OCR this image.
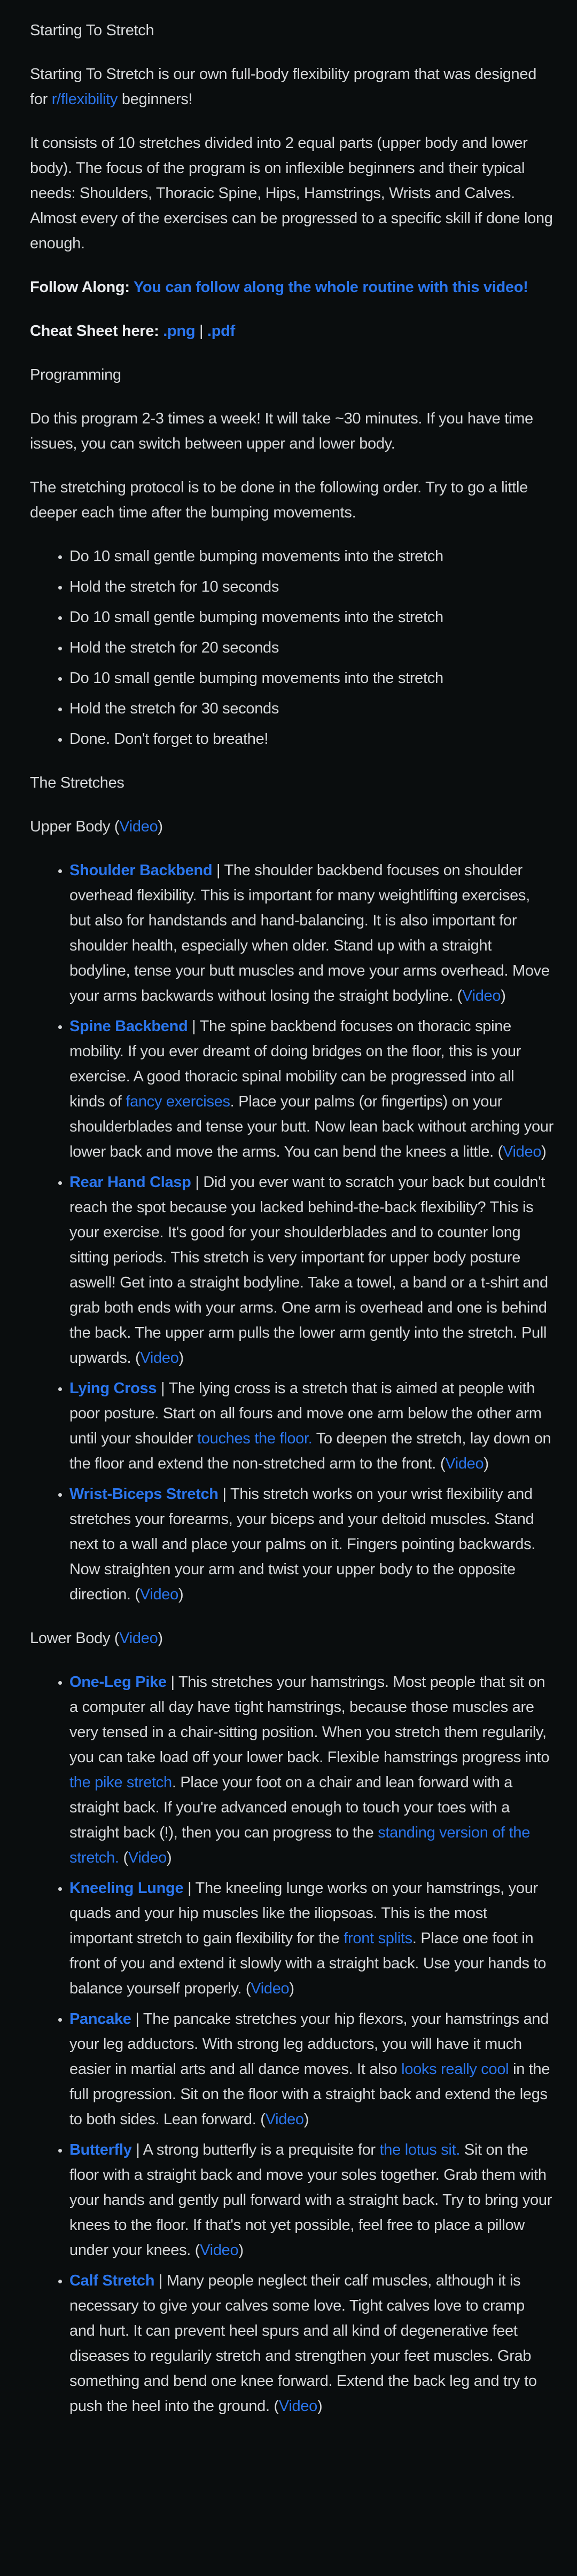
Starting To Stretch

Starting To Stretch is our own full-body flexibility program that was designed for r/flexibility beginners!

It consists of 10 stretches divided into 2 equal parts (upper body and lower body). The focus of the program is on inflexible beginners and their typical needs: Shoulders, Thoracic Spine, Hips, Hamstrings, Wrists and Calves. Almost every of the exercises can be progressed to a specific skill if done long enough.

Follow Along: You can follow along the whole routine with this video!

Cheat Sheet here: .png | .pdf

Programming

Do this program 2-3 times a week! It will take ~30 minutes. If you have time issues, you can switch between upper and lower body.

The stretching protocol is to be done in the following order. Try to go a little deeper each time after the bumping movements.

• Do 10 small gentle bumping movements into the stretch
• Hold the stretch for 10 seconds
• Do 10 small gentle bumping movements into the stretch
• Hold the stretch for 20 seconds
• Do 10 small gentle bumping movements into the stretch
• Hold the stretch for 30 seconds
• Done. Don't forget to breathe!
The Stretches
Upper Body (Video)
• Shoulder Backbend | The shoulder backbend focuses on shoulder overhead flexibility. This is important for many weightlifting exercises, but also for handstands and hand-balancing. It is also important for shoulder health, especially when older. Stand up with a straight bodyline, tense your butt muscles and move your arms overhead. Move your arms backwards without losing the straight bodyline. (Video)
• Spine Backbend | The spine backbend focuses on thoracic spine mobility. If you ever dreamt of doing bridges on the floor, this is your exercise. A good thoracic spinal mobility can be progressed into all kinds of fancy exercises. Place your palms (or fingertips) on your shoulderblades and tense your butt. Now lean back without arching your lower back and move the arms. You can bend the knees a little. (Video)
• Rear Hand Clasp | Did you ever want to scratch your back but couldn't reach the spot because you lacked behind-the-back flexibility? This is your exercise. It's good for your shoulderblades and to counter long sitting periods. This stretch is very important for upper body posture aswell! Get into a straight bodyline. Take a towel, a band or a t-shirt and grab both ends with your arms. One arm is overhead and one is behind the back. The upper arm pulls the lower arm gently into the stretch. Pull upwards. (Video)
• Lying Cross | The lying cross is a stretch that is aimed at people with poor posture. Start on all fours and move one arm below the other arm until your shoulder touches the floor. To deepen the stretch, lay down on the floor and extend the non-stretched arm to the front. (Video)
• Wrist-Biceps Stretch | This stretch works on your wrist flexibility and stretches your forearms, your biceps and your deltoid muscles. Stand next to a wall and place your palms on it. Fingers pointing backwards. Now straighten your arm and twist your upper body to the opposite direction. (Video)
Lower Body (Video)
• One-Leg Pike | This stretches your hamstrings. Most people that sit on a computer all day have tight hamstrings, because those muscles are very tensed in a chair-sitting position. When you stretch them regularily, you can take load off your lower back. Flexible hamstrings progress into the pike stretch. Place your foot on a chair and lean forward with a straight back. If you're advanced enough to touch your toes with a straight back (!), then you can progress to the standing version of the stretch. (Video)
• Kneeling Lunge | The kneeling lunge works on your hamstrings, your quads and your hip muscles like the iliopsoas. This is the most important stretch to gain flexibility for the front splits. Place one foot in front of you and extend it slowly with a straight back. Use your hands to balance yourself properly. (Video)
• Pancake | The pancake stretches your hip flexors, your hamstrings and your leg adductors. With strong leg adductors, you will have it much easier in martial arts and all dance moves. It also looks really cool in the full progression. Sit on the floor with a straight back and extend the legs to both sides. Lean forward. (Video)
• Butterfly | A strong butterfly is a prequisite for the lotus sit. Sit on the floor with a straight back and move your soles together. Grab them with your hands and gently pull forward with a straight back. Try to bring your knees to the floor. If that's not yet possible, feel free to place a pillow under your knees. (Video)
• Calf Stretch | Many people neglect their calf muscles, although it is necessary to give your calves some love. Tight calves love to cramp and hurt. It can prevent heel spurs and all kind of degenerative feet diseases to regularily stretch and strengthen your feet muscles. Grab something and bend one knee forward. Extend the back leg and try to push the heel into the ground. (Video)
